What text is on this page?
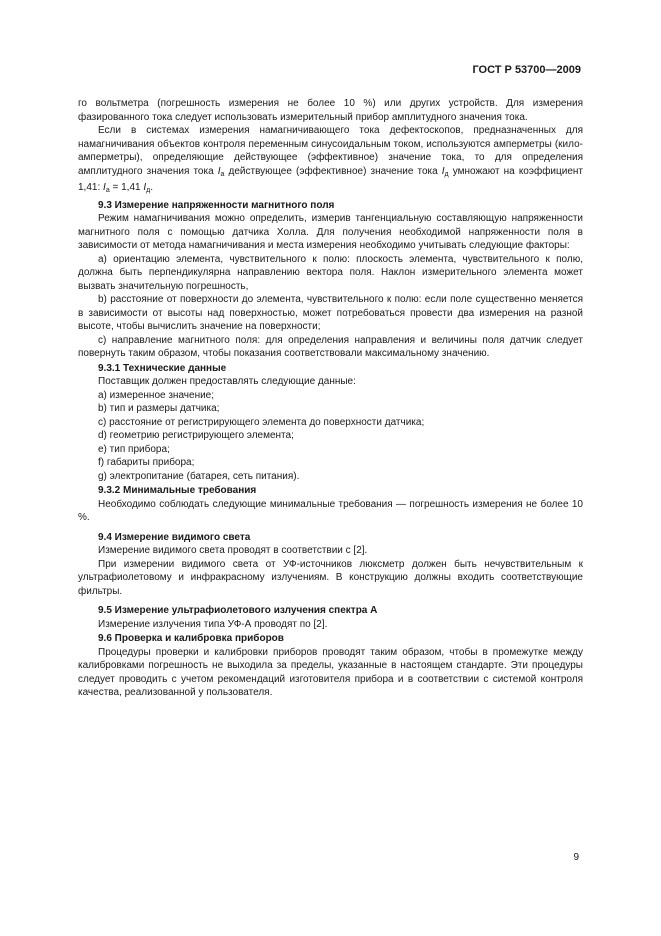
ГОСТ Р 53700—2009

го вольтметра (погрешность измерения не более 10 %) или других устройств. Для измерения фазированного тока следует использовать измерительный прибор амплитудного значения тока.

Если в системах измерения намагничивающего тока дефектоскопов, предназначенных для намагничивания объектов контроля переменным синусоидальным током, используются амперметры (кило-амперметры), определяющие действующее (эффективное) значение тока, то для определения амплитудного значения тока $I_а$ действующее (эффективное) значение тока $I_д$ умножают на коэффициент 1,41: $I_а = 1,41$ $I_д$.

9.3 Измерение напряженности магнитного поля

Режим намагничивания можно определить, измерив тангенциальную составляющую напряженности магнитного поля с помощью датчика Холла. Для получения необходимой напряженности поля в зависимости от метода намагничивания и места измерения необходимо учитывать следующие факторы:

a) ориентацию элемента, чувствительного к полю: плоскость элемента, чувствительного к полю, должна быть перпендикулярна направлению вектора поля. Наклон измерительного элемента может вызвать значительную погрешность,

b) расстояние от поверхности до элемента, чувствительного к полю: если поле существенно меняется в зависимости от высоты над поверхностью, может потребоваться провести два измерения на разной высоте, чтобы вычислить значение на поверхности;

c) направление магнитного поля: для определения направления и величины поля датчик следует повернуть таким образом, чтобы показания соответствовали максимальному значению.

9.3.1 Технические данные

Поставщик должен предоставлять следующие данные:

a) измеренное значение;

b) тип и размеры датчика;

c) расстояние от регистрирующего элемента до поверхности датчика;

d) геометрию регистрирующего элемента;

e) тип прибора;

f) габариты прибора;

g) электропитание (батарея, сеть питания).

9.3.2 Минимальные требования

Необходимо соблюдать следующие минимальные требования — погрешность измерения не более 10 %.

9.4 Измерение видимого света

Измерение видимого света проводят в соответствии с [2].

При измерении видимого света от УФ-источников люксметр должен быть нечувствительным к ультрафиолетовому и инфракрасному излучениям. В конструкцию должны входить соответствующие фильтры.

9.5 Измерение ультрафиолетового излучения спектра А

Измерение излучения типа УФ-А проводят по [2].

9.6 Проверка и калибровка приборов

Процедуры проверки и калибровки приборов проводят таким образом, чтобы в промежутке между калибровками погрешность не выходила за пределы, указанные в настоящем стандарте. Эти процедуры следует проводить с учетом рекомендаций изготовителя прибора и в соответствии с системой контроля качества, реализованной у пользователя.

9
